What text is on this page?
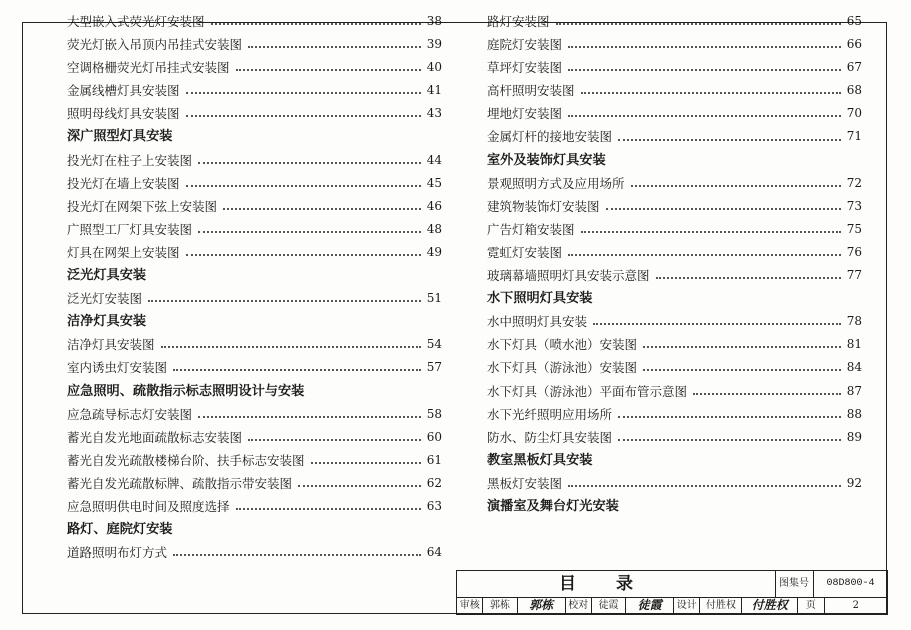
大型嵌入式荧光灯安装图	38
荧光灯嵌入吊顶内吊挂式安装图	39
空调格栅荧光灯吊挂式安装图	40
金属线槽灯具安装图	41
照明母线灯具安装图	43
深广照型灯具安装
投光灯在柱子上安装图	44
投光灯在墙上安装图	45
投光灯在网架下弦上安装图	46
广照型工厂灯具安装图	48
灯具在网架上安装图	49
泛光灯具安装
泛光灯安装图	51
洁净灯具安装
洁净灯具安装图	54
室内诱虫灯安装图	57
应急照明、疏散指示标志照明设计与安装
应急疏导标志灯安装图	58
蓄光自发光地面疏散标志安装图	60
蓄光自发光疏散楼梯台阶、扶手标志安装图	61
蓄光自发光疏散标牌、疏散指示带安装图	62
应急照明供电时间及照度选择	63
路灯、庭院灯安装
道路照明布灯方式	64
路灯安装图	65
庭院灯安装图	66
草坪灯安装图	67
高杆照明安装图	68
埋地灯安装图	70
金属灯杆的接地安装图	71
室外及装饰灯具安装
景观照明方式及应用场所	72
建筑物装饰灯安装图	73
广告灯箱安装图	75
霓虹灯安装图	76
玻璃幕墙照明灯具安装示意图	77
水下照明灯具安装
水中照明灯具安装	78
水下灯具（喷水池）安装图	81
水下灯具（游泳池）安装图	84
水下灯具（游泳池）平面布管示意图	87
水下光纤照明应用场所	88
防水、防尘灯具安装图	89
教室黑板灯具安装
黑板灯安装图	92
演播室及舞台灯光安装
目录	图集号	08D800-4
审核	郭栋	郭栋	校对	徒霞	徒霞	设计 付胜权	付胜权	页	2
